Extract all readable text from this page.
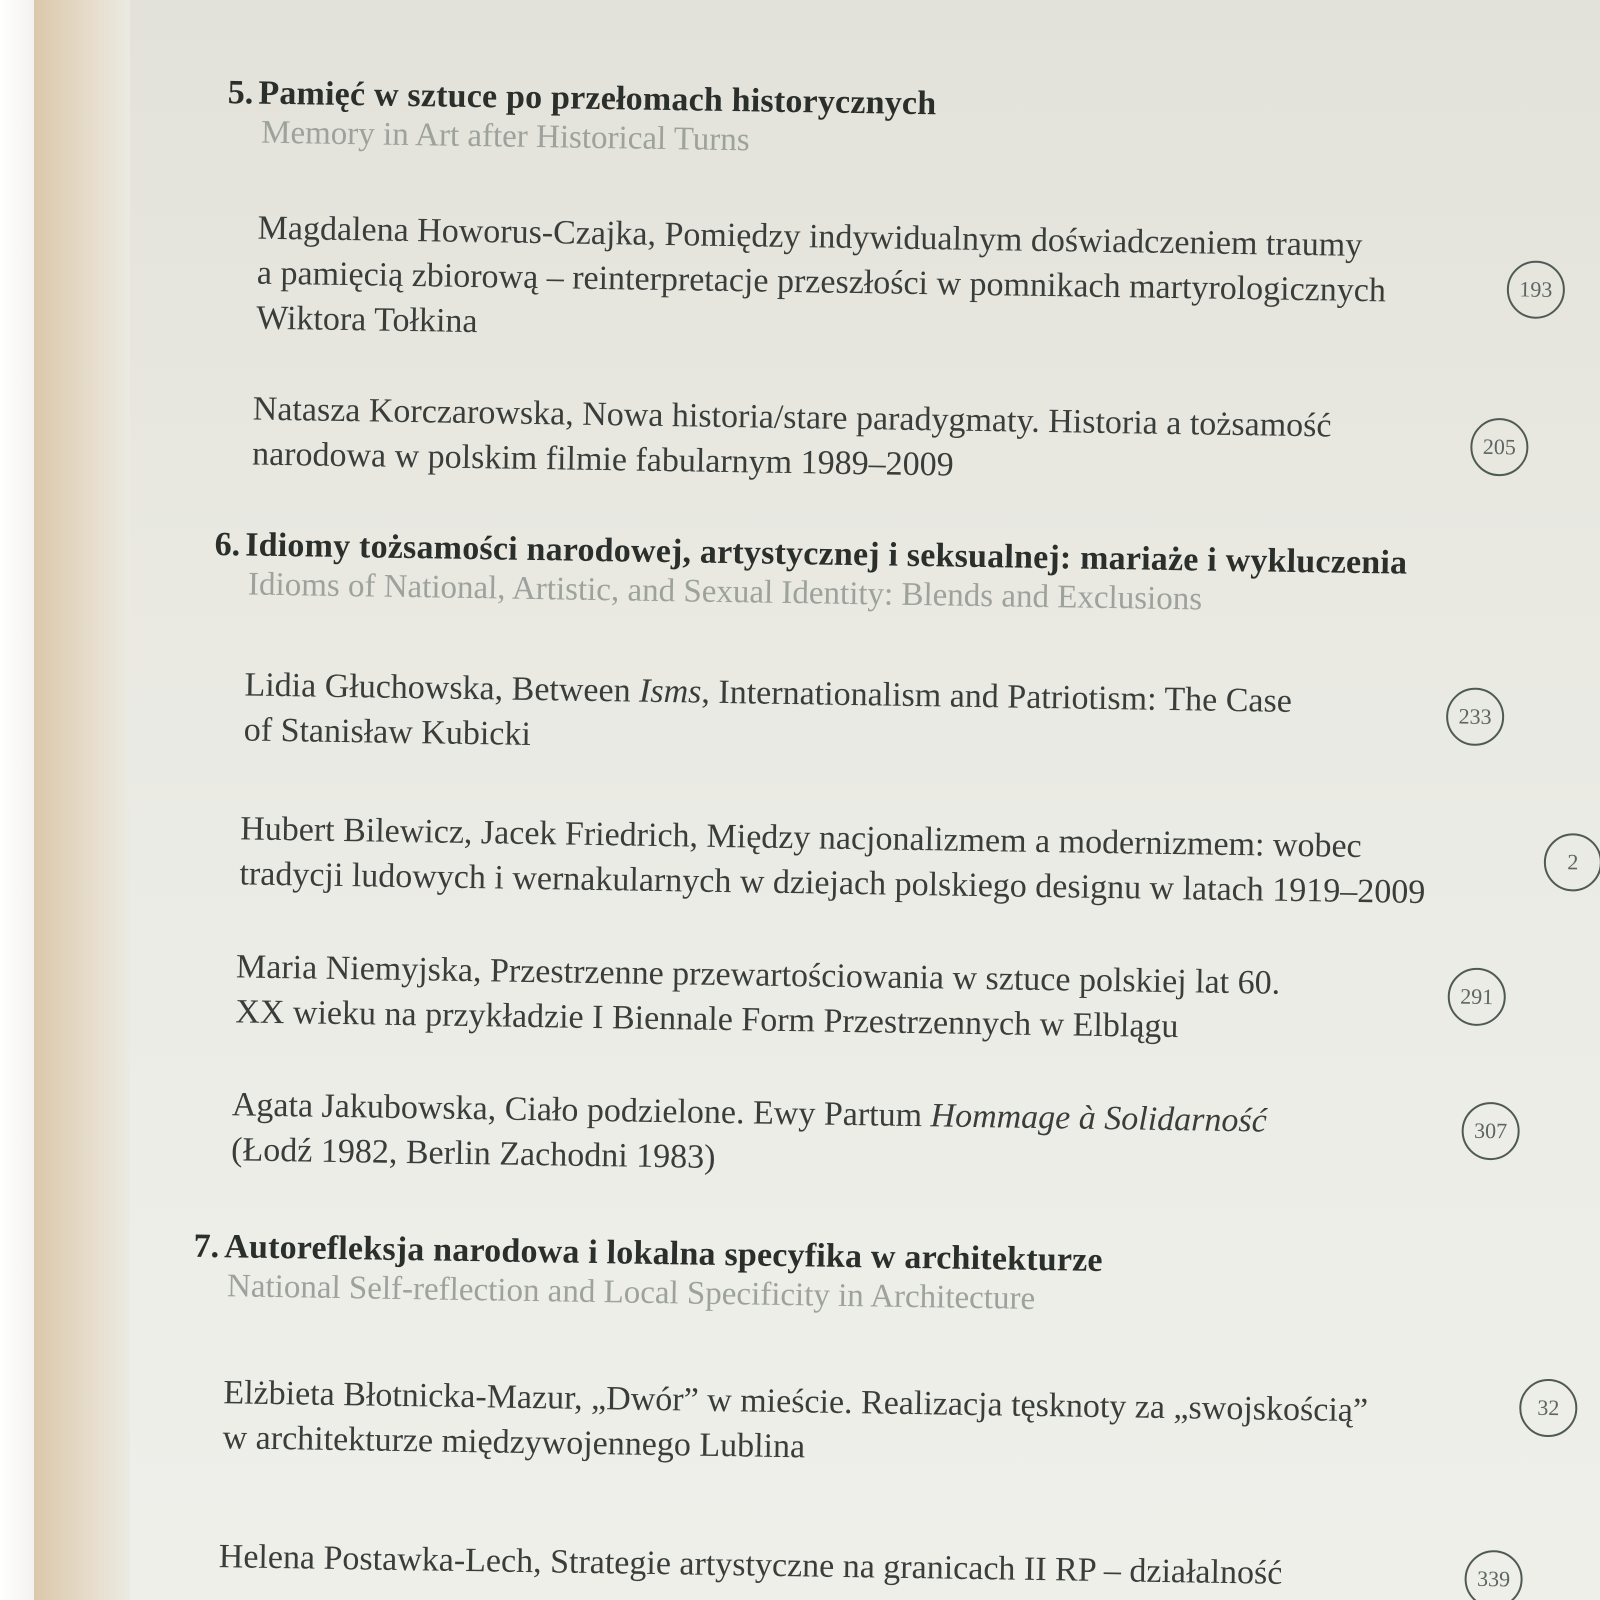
5. Pamięć w sztuce po przełomach historycznych
Memory in Art after Historical Turns
Magdalena Howorus-Czajka, Pomiędzy indywidualnym doświadczeniem traumy
a pamięcią zbiorową – reinterpretacje przeszłości w pomnikach martyrologicznych
Wiktora Tołkina
193
Natasza Korczarowska, Nowa historia/stare paradygmaty. Historia a tożsamość
narodowa w polskim filmie fabularnym 1989–2009	205
6. Idiomy tożsamości narodowej, artystycznej i seksualnej: mariaże i wykluczenia
Idioms of National, Artistic, and Sexual Identity: Blends and Exclusions
Lidia Głuchowska, Between Isms, Internationalism and Patriotism: The Case
of Stanisław Kubicki	233
Hubert Bilewicz, Jacek Friedrich, Między nacjonalizmem a modernizmem: wobec
tradycji ludowych i wernakularnych w dziejach polskiego designu w latach 1919–2009	2
Maria Niemyjska, Przestrzenne przewartościowania w sztuce polskiej lat 60.
XX wieku na przykładzie I Biennale Form Przestrzennych w Elblągu	291
Agata Jakubowska, Ciało podzielone. Ewy Partum Hommage à Solidarność
(Łodź 1982, Berlin Zachodni 1983)
307
7. Autorefleksja narodowa i lokalna specyfika w architekturze
National Self-reflection and Local Specificity in Architecture
Elżbieta Błotnicka-Mazur, „Dwór” w mieście. Realizacja tęsknoty za „swojskością”
w architekturze międzywojennego Lublina
32
Helena Postawka-Lech, Strategie artystyczne na granicach II RP – działalność	339
